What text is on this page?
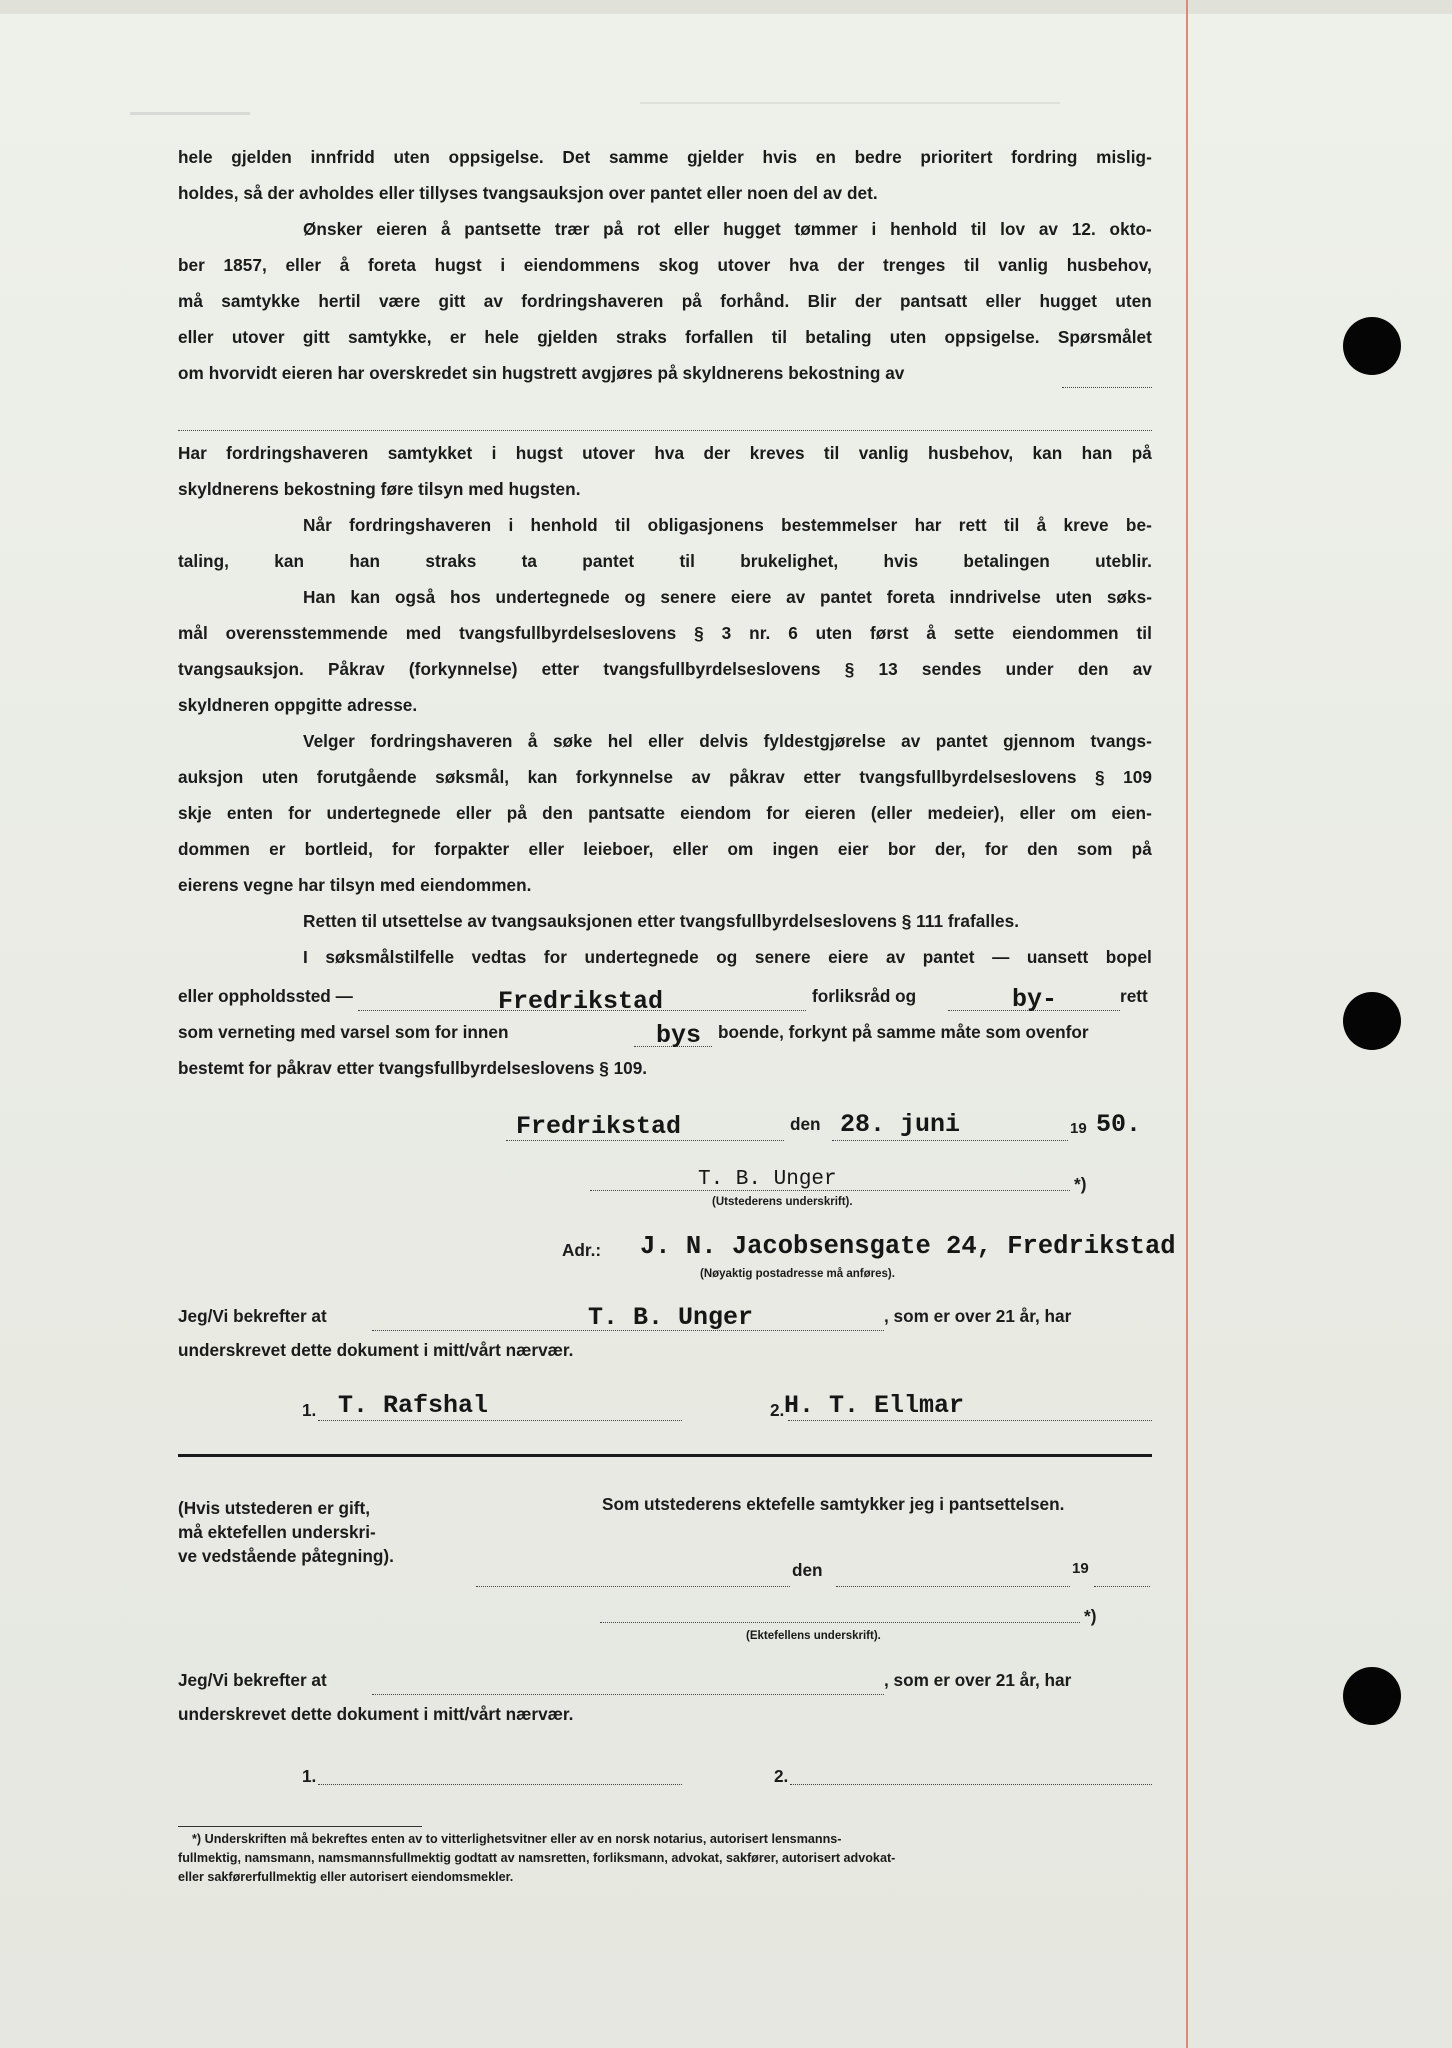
hele gjelden innfridd uten oppsigelse. Det samme gjelder hvis en bedre prioritert fordring mislig-
holdes, så der avholdes eller tillyses tvangsauksjon over pantet eller noen del av det.
Ønsker eieren å pantsette trær på rot eller hugget tømmer i henhold til lov av 12. okto-
ber 1857, eller å foreta hugst i eiendommens skog utover hva der trenges til vanlig husbehov,
må samtykke hertil være gitt av fordringshaveren på forhånd. Blir der pantsatt eller hugget uten
eller utover gitt samtykke, er hele gjelden straks forfallen til betaling uten oppsigelse. Spørsmålet
om hvorvidt eieren har overskredet sin hugstrett avgjøres på skyldnerens bekostning av
Har fordringshaveren samtykket i hugst utover hva der kreves til vanlig husbehov, kan han på
skyldnerens bekostning føre tilsyn med hugsten.
Når fordringshaveren i henhold til obligasjonens bestemmelser har rett til å kreve be-
taling,	kan	han	straks	ta	pantet	til	brukelighet,	hvis	betalingen	uteblir.
Han kan også hos undertegnede og senere eiere av pantet foreta inndrivelse uten søks-
mål overensstemmende med tvangsfullbyrdelseslovens § 3 nr. 6 uten først å sette eiendommen til
tvangsauksjon. Påkrav (forkynnelse) etter tvangsfullbyrdelseslovens § 13 sendes under den av
skyldneren oppgitte adresse.
Velger fordringshaveren å søke hel eller delvis fyldestgjørelse av pantet gjennom tvangs-
auksjon uten forutgående søksmål, kan forkynnelse av påkrav etter tvangsfullbyrdelseslovens § 109
skje enten for undertegnede eller på den pantsatte eiendom for eieren (eller medeier), eller om eien-
dommen er bortleid, for forpakter eller leieboer, eller om ingen eier bor der, for den som på
eierens vegne har tilsyn med eiendommen.
Retten til utsettelse av tvangsauksjonen etter tvangsfullbyrdelseslovens § 111 frafalles.
I søksmålstilfelle vedtas for undertegnede og senere eiere av pantet — uansett bopel
eller oppholdssted —	Fredrikstad	forliksråd og	by-	rett
som verneting med varsel som for innen	bys boende, forkynt på samme måte som ovenfor
bestemt for påkrav etter tvangsfullbyrdelseslovens § 109.
Fredrikstad	den 28. juni	19 50.
T. B. Unger	*)
(Utstederens underskrift).
Adr.: J. N. Jacobsensgate 24, Fredrikstad
(Nøyaktig postadresse må anføres).
Jeg/Vi bekrefter at	T. B. Unger	, som er over 21 år, har
underskrevet dette dokument i mitt/vårt nærvær.
1. T. Rafshal	2. H. T. Ellmar
(Hvis utstederen er gift,
må ektefellen underskri-
ve vedstående påtegning).
Som utstederens ektefelle samtykker jeg i pantsettelsen.
den	19
*)
(Ektefellens underskrift).
Jeg/Vi bekrefter at	, som er over 21 år, har
underskrevet dette dokument i mitt/vårt nærvær.
1.	2.
*) Underskriften må bekreftes enten av to vitterlighetsvitner eller av en norsk notarius, autorisert lensmanns-
fullmektig, namsmann, namsmannsfullmektig godtatt av namsretten, forliksmann, advokat, sakfører, autorisert advokat-
eller sakførerfullmektig eller autorisert eiendomsmekler.
